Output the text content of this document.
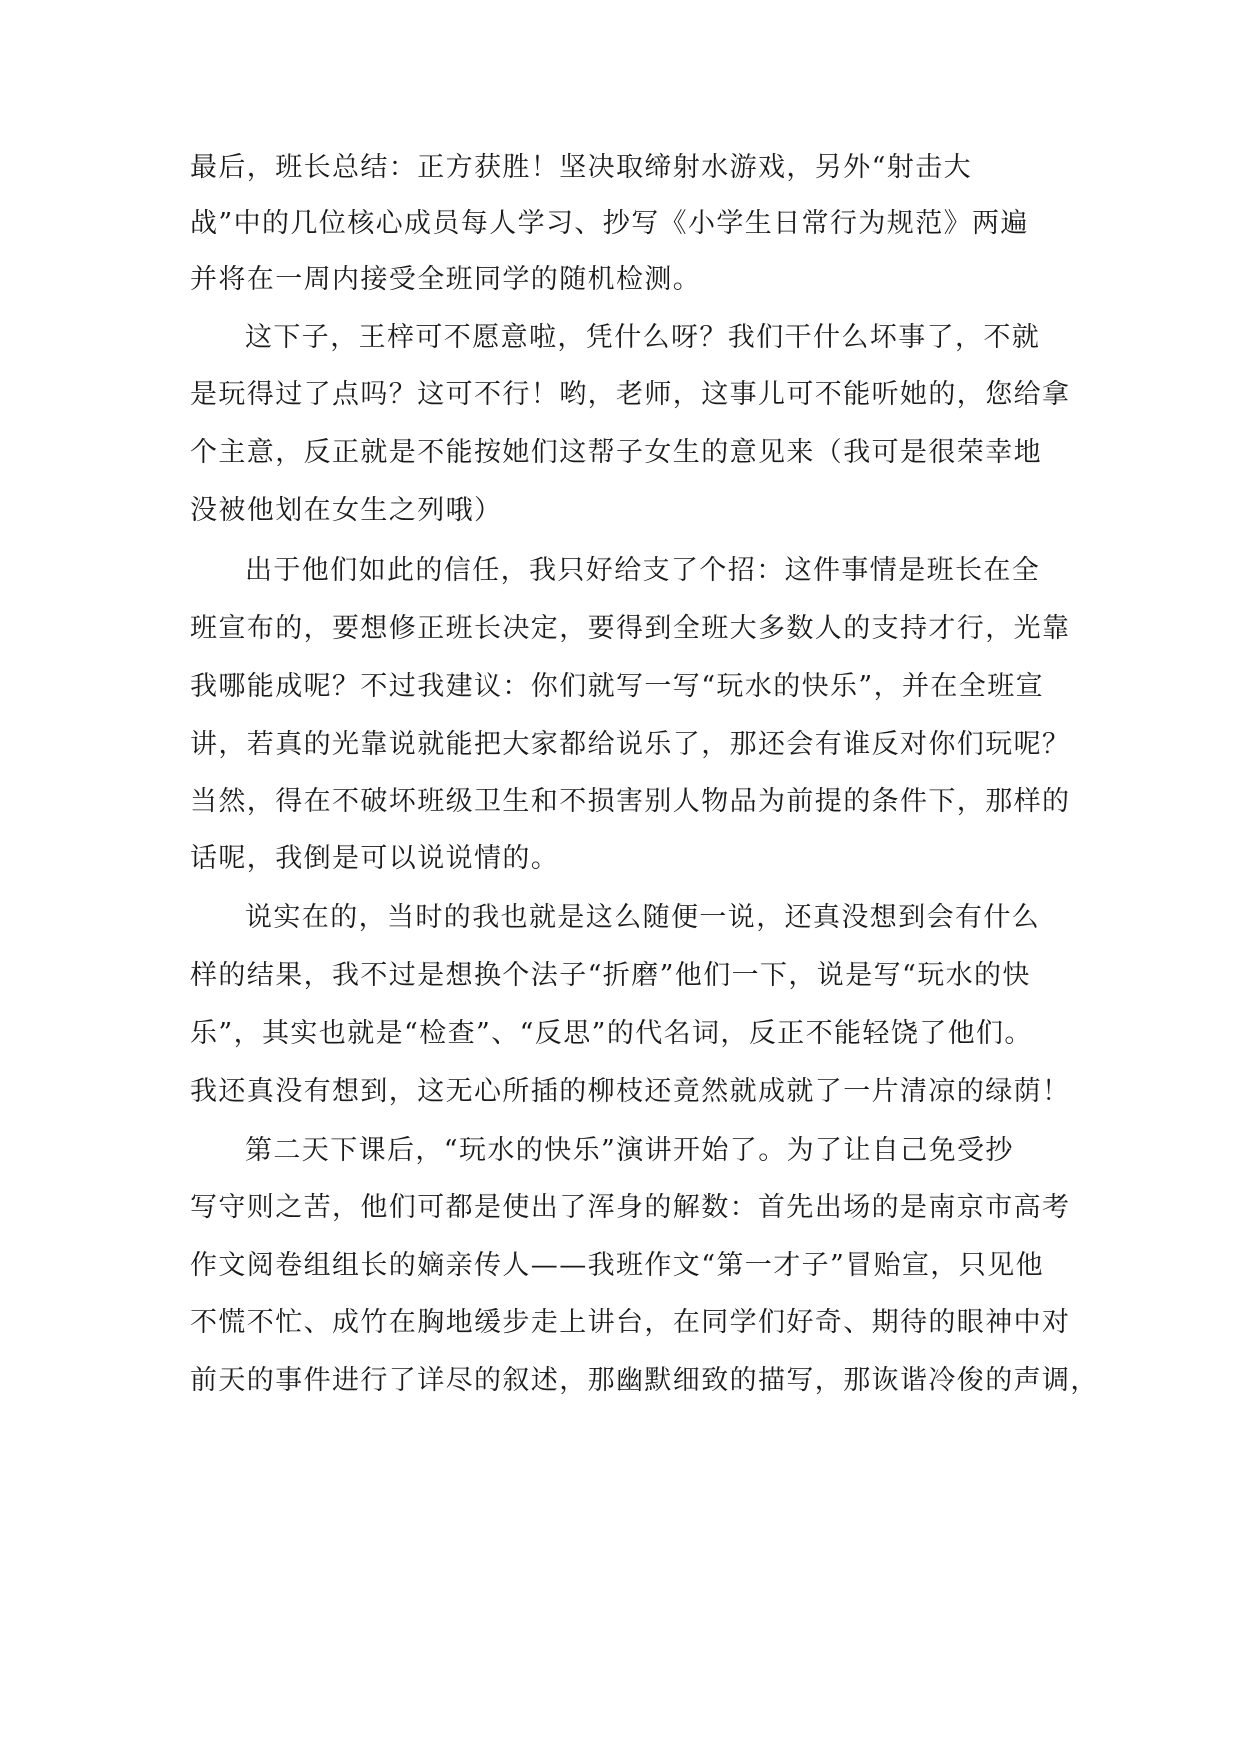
最后，班长总结：正方获胜！坚决取缔射水游戏，另外“射击大
战”中的几位核心成员每人学习、抄写《小学生日常行为规范》两遍
并将在一周内接受全班同学的随机检测。
这下子，王梓可不愿意啦，凭什么呀？我们干什么坏事了，不就
是玩得过了点吗？这可不行！哟，老师，这事儿可不能听她的，您给拿
个主意，反正就是不能按她们这帮子女生的意见来（我可是很荣幸地
没被他划在女生之列哦）
出于他们如此的信任，我只好给支了个招：这件事情是班长在全
班宣布的，要想修正班长决定，要得到全班大多数人的支持才行，光靠
我哪能成呢？不过我建议：你们就写一写“玩水的快乐”，并在全班宣
讲，若真的光靠说就能把大家都给说乐了，那还会有谁反对你们玩呢？
当然，得在不破坏班级卫生和不损害别人物品为前提的条件下，那样的
话呢，我倒是可以说说情的。
说实在的，当时的我也就是这么随便一说，还真没想到会有什么
样的结果，我不过是想换个法子“折磨”他们一下，说是写“玩水的快
乐”，其实也就是“检查”、“反思”的代名词，反正不能轻饶了他们。
我还真没有想到，这无心所插的柳枝还竟然就成就了一片清凉的绿荫！
第二天下课后，“玩水的快乐”演讲开始了。为了让自己免受抄
写守则之苦，他们可都是使出了浑身的解数：首先出场的是南京市高考
作文阅卷组组长的嫡亲传人——我班作文“第一才子”冒贻宣，只见他
不慌不忙、成竹在胸地缓步走上讲台，在同学们好奇、期待的眼神中对
前天的事件进行了详尽的叙述，那幽默细致的描写，那诙谐冷俊的声调，
